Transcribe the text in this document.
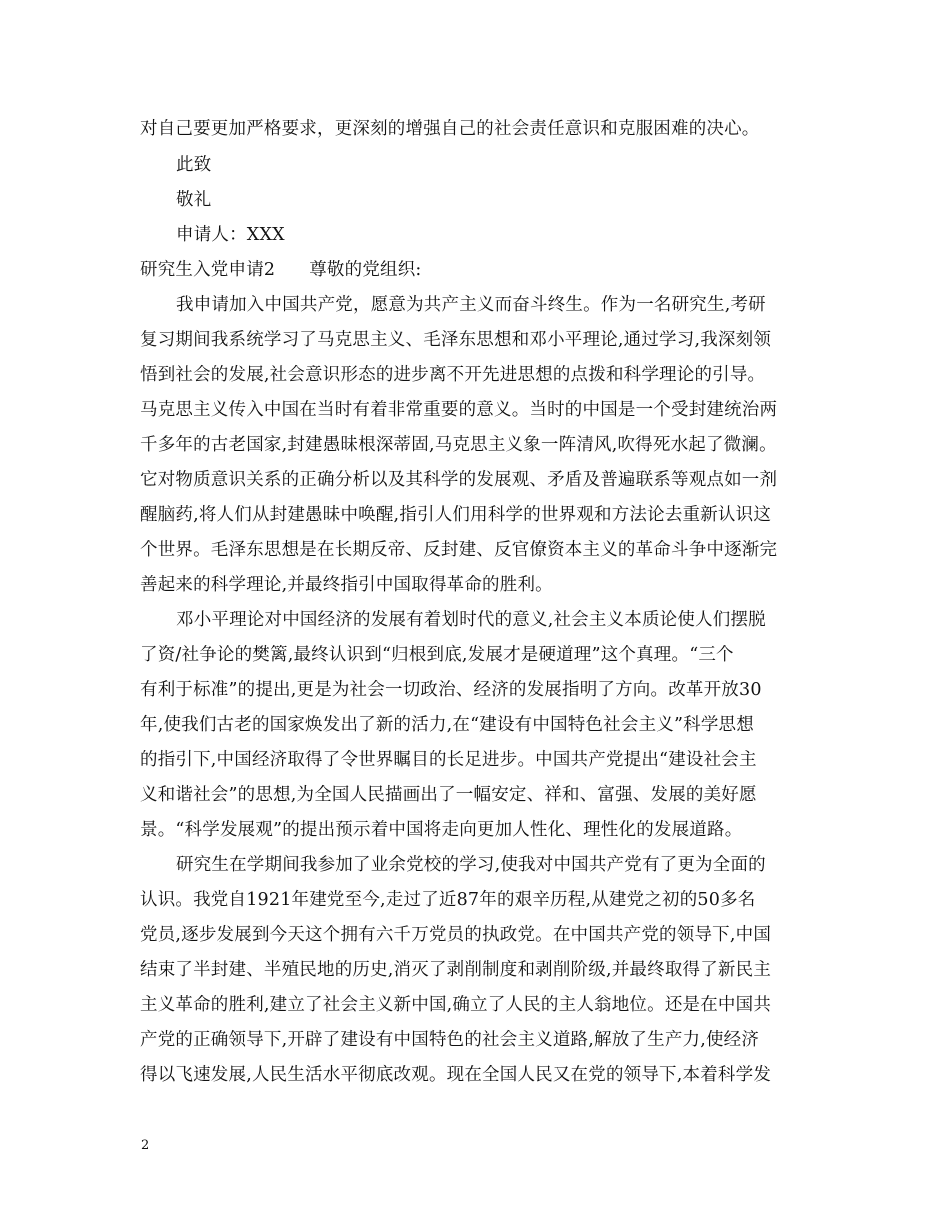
对自己要更加严格要求，更深刻的增强自己的社会责任意识和克服困难的决心。
此致
敬礼
申请人：XXX
研究生入党申请2 尊敬的党组织:
我申请加入中国共产党，愿意为共产主义而奋斗终生。作为一名研究生,考研
复习期间我系统学习了马克思主义、毛泽东思想和邓小平理论,通过学习,我深刻领
悟到社会的发展,社会意识形态的进步离不开先进思想的点拨和科学理论的引导。
马克思主义传入中国在当时有着非常重要的意义。当时的中国是一个受封建统治两
千多年的古老国家,封建愚昧根深蒂固,马克思主义象一阵清风,吹得死水起了微澜。
它对物质意识关系的正确分析以及其科学的发展观、矛盾及普遍联系等观点如一剂
醒脑药,将人们从封建愚昧中唤醒,指引人们用科学的世界观和方法论去重新认识这
个世界。毛泽东思想是在长期反帝、反封建、反官僚资本主义的革命斗争中逐渐完
善起来的科学理论,并最终指引中国取得革命的胜利。
邓小平理论对中国经济的发展有着划时代的意义,社会主义本质论使人们摆脱
了资/社争论的樊篱,最终认识到“归根到底,发展才是硬道理”这个真理。“三个
有利于标准”的提出,更是为社会一切政治、经济的发展指明了方向。改革开放30
年,使我们古老的国家焕发出了新的活力,在“建设有中国特色社会主义”科学思想
的指引下,中国经济取得了令世界瞩目的长足进步。中国共产党提出“建设社会主
义和谐社会”的思想,为全国人民描画出了一幅安定、祥和、富强、发展的美好愿
景。“科学发展观”的提出预示着中国将走向更加人性化、理性化的发展道路。
研究生在学期间我参加了业余党校的学习,使我对中国共产党有了更为全面的
认识。我党自1921年建党至今,走过了近87年的艰辛历程,从建党之初的50多名
党员,逐步发展到今天这个拥有六千万党员的执政党。在中国共产党的领导下,中国
结束了半封建、半殖民地的历史,消灭了剥削制度和剥削阶级,并最终取得了新民主
主义革命的胜利,建立了社会主义新中国,确立了人民的主人翁地位。还是在中国共
产党的正确领导下,开辟了建设有中国特色的社会主义道路,解放了生产力,使经济
得以飞速发展,人民生活水平彻底改观。现在全国人民又在党的领导下,本着科学发
2
